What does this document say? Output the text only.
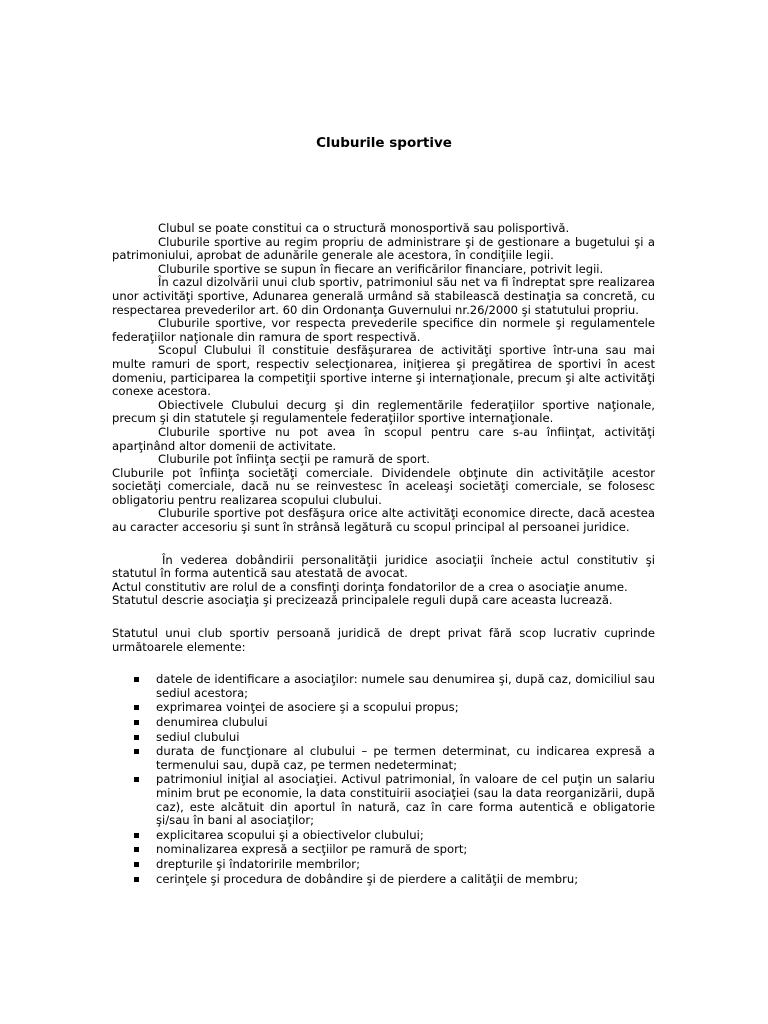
Cluburile sportive

Clubul se poate constitui ca o structură monosportivă sau polisportivă.

Cluburile sportive au regim propriu de administrare şi de gestionare a bugetului şi a patrimoniului, aprobat de adunările generale ale acestora, în condiţiile legii.

Cluburile sportive se supun în fiecare an verificărilor financiare, potrivit legii.

În cazul dizolvării unui club sportiv, patrimoniul său net va fi îndreptat spre realizarea unor activităţi sportive, Adunarea generală urmând să stabilească destinaţia sa concretă, cu respectarea prevederilor art. 60 din Ordonanţa Guvernului nr.26/2000 şi statutului propriu.

Cluburile sportive, vor respecta prevederile specifice din normele şi regulamentele federaţiilor naţionale din ramura de sport respectivă.

Scopul Clubului îl constituie desfăşurarea de activităţi sportive într-una sau mai multe ramuri de sport, respectiv selecţionarea, iniţierea şi pregătirea de sportivi în acest domeniu, participarea la competiţii sportive interne şi internaţionale, precum şi alte activităţi conexe acestora.

Obiectivele Clubului decurg şi din reglementările federaţiilor sportive naţionale, precum şi din statutele şi regulamentele federaţiilor sportive internaţionale.

Cluburile sportive nu pot avea în scopul pentru care s-au înfiinţat, activităţi aparţinând altor domenii de activitate.

Cluburile pot înfiinţa secţii pe ramură de sport.

Cluburile pot înfiinţa societăţi comerciale. Dividendele obţinute din activităţile acestor societăţi comerciale, dacă nu se reinvestesc în aceleaşi societăţi comerciale, se folosesc obligatoriu pentru realizarea scopului clubului.

Cluburile sportive pot desfăşura orice alte activităţi economice directe, dacă acestea au caracter accesoriu şi sunt în strânsă legătură cu scopul principal al persoanei juridice.

În vederea dobândirii personalităţii juridice asociaţii încheie actul constitutiv şi statutul în forma autentică sau atestată de avocat.

Actul constitutiv are rolul de a consfinţi dorinţa fondatorilor de a crea o asociaţie anume.

Statutul descrie asociaţia şi precizează principalele reguli după care aceasta lucrează.

Statutul unui club sportiv persoană juridică de drept privat fără scop lucrativ cuprinde următoarele elemente:

datele de identificare a asociaţilor: numele sau denumirea şi, după caz, domiciliul sau sediul acestora;
exprimarea voinţei de asociere şi a scopului propus;
denumirea clubului
sediul clubului
durata de funcţionare al clubului – pe termen determinat, cu indicarea expresă a termenului sau, după caz, pe termen nedeterminat;
patrimoniul iniţial al asociaţiei. Activul patrimonial, în valoare de cel puţin un salariu minim brut pe economie, la data constituirii asociaţiei (sau la data reorganizării, după caz), este alcătuit din aportul în natură, caz în care forma autentică e obligatorie şi/sau în bani al asociaţilor;
explicitarea scopului şi a obiectivelor clubului;
nominalizarea expresă a secţiilor pe ramură de sport;
drepturile şi îndatoririle membrilor;
cerinţele şi procedura de dobândire şi de pierdere a calităţii de membru;
